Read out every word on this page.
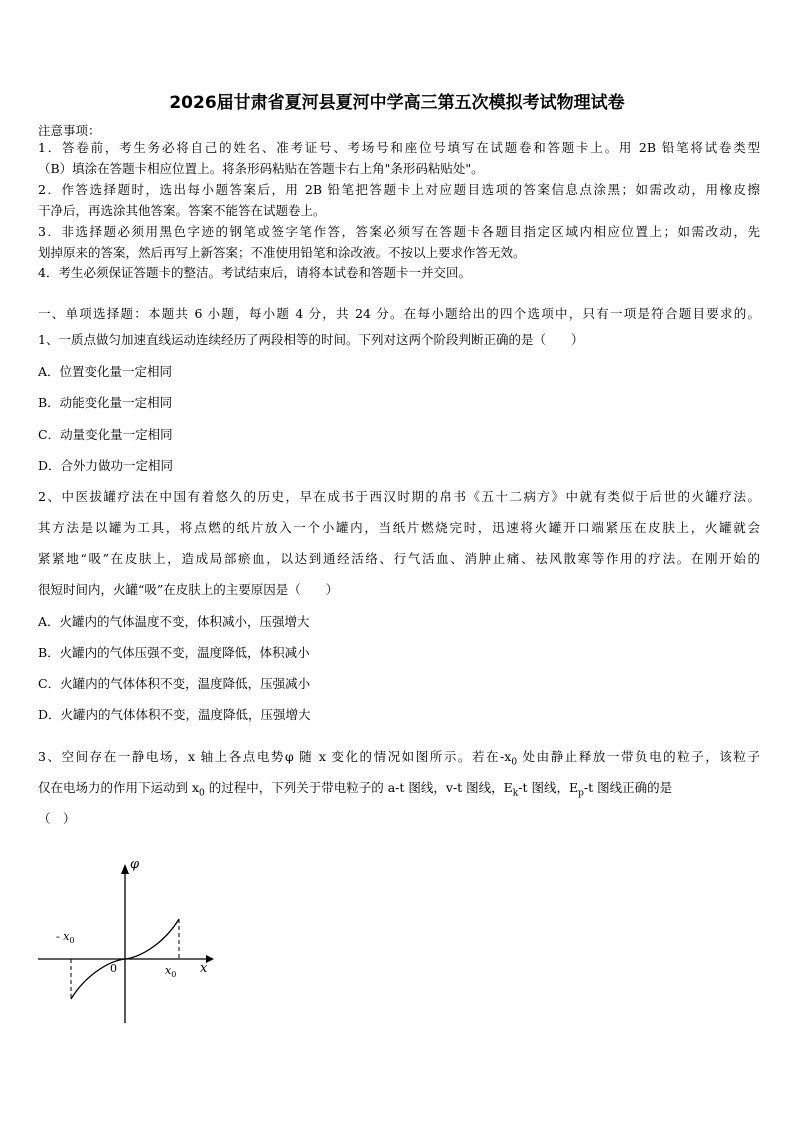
2026届甘肃省夏河县夏河中学高三第五次模拟考试物理试卷
注意事项：
1．答卷前，考生务必将自己的姓名、准考证号、考场号和座位号填写在试题卷和答题卡上。用 2B 铅笔将试卷类型
（B）填涂在答题卡相应位置上。将条形码粘贴在答题卡右上角"条形码粘贴处"。
2．作答选择题时，选出每小题答案后，用 2B 铅笔把答题卡上对应题目选项的答案信息点涂黑；如需改动，用橡皮擦
干净后，再选涂其他答案。答案不能答在试题卷上。
3．非选择题必须用黑色字迹的钢笔或签字笔作答，答案必须写在答题卡各题目指定区域内相应位置上；如需改动，先
划掉原来的答案，然后再写上新答案；不准使用铅笔和涂改液。不按以上要求作答无效。
4．考生必须保证答题卡的整洁。考试结束后，请将本试卷和答题卡一并交回。
一、单项选择题：本题共 6 小题，每小题 4 分，共 24 分。在每小题给出的四个选项中，只有一项是符合题目要求的。
1、一质点做匀加速直线运动连续经历了两段相等的时间。下列对这两个阶段判断正确的是（　　）
A．位置变化量一定相同
B．动能变化量一定相同
C．动量变化量一定相同
D．合外力做功一定相同
2、中医拔罐疗法在中国有着悠久的历史，早在成书于西汉时期的帛书《五十二病方》中就有类似于后世的火罐疗法。
其方法是以罐为工具，将点燃的纸片放入一个小罐内，当纸片燃烧完时，迅速将火罐开口端紧压在皮肤上，火罐就会
紧紧地“吸”在皮肤上，造成局部瘀血，以达到通经活络、行气活血、消肿止痛、祛风散寒等作用的疗法。在刚开始的
很短时间内，火罐“吸”在皮肤上的主要原因是（　　）
A．火罐内的气体温度不变，体积减小，压强增大
B．火罐内的气体压强不变，温度降低，体积减小
C．火罐内的气体体积不变，温度降低，压强减小
D．火罐内的气体体积不变，温度降低，压强增大
3、空间存在一静电场，x 轴上各点电势φ 随 x 变化的情况如图所示。若在$-x_0$ 处由静止释放一带负电的粒子，该粒子
仅在电场力的作用下运动到 $x_0$ 的过程中，下列关于带电粒子的 a-t 图线，v-t 图线，$E_k-t$ 图线，$E_p-t$ 图线正确的是
（　）
φ
x
0
- $x_0$
$x_0$
